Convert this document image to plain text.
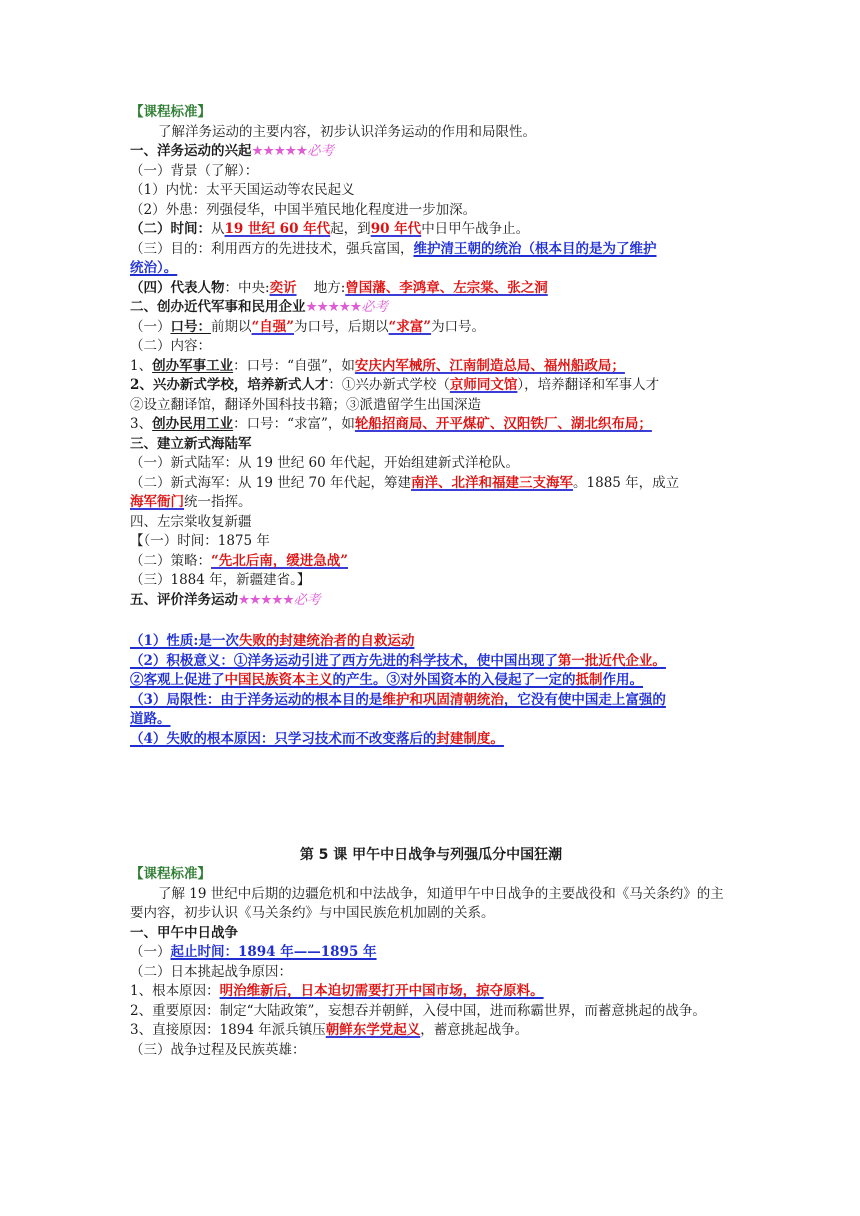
【课程标准】
了解洋务运动的主要内容，初步认识洋务运动的作用和局限性。
一、洋务运动的兴起★★★★★必考
（一）背景（了解）：
（1）内忧：太平天国运动等农民起义
（2）外患：列强侵华，中国半殖民地化程度进一步加深。
（二）时间：从19 世纪 60 年代起，到90 年代中日甲午战争止。
（三）目的：利用西方的先进技术，强兵富国，维护清王朝的统治（根本目的是为了维护
统治）。
（四）代表人物：中央:奕䜣    地方:曾国藩、李鸿章、左宗棠、张之洞
二、创办近代军事和民用企业★★★★★必考
（一）口号：前期以“自强”为口号，后期以“求富”为口号。
（二）内容：
1、创办军事工业：口号：“自强”，如安庆内军械所、江南制造总局、福州船政局；
2、兴办新式学校，培养新式人才：①兴办新式学校（京师同文馆），培养翻译和军事人才
②设立翻译馆，翻译外国科技书籍；③派遣留学生出国深造
3、创办民用工业：口号：“求富”，如轮船招商局、开平煤矿、汉阳铁厂、湖北织布局；
三、建立新式海陆军
（一）新式陆军：从 19 世纪 60 年代起，开始组建新式洋枪队。
（二）新式海军：从 19 世纪 70 年代起，筹建南洋、北洋和福建三支海军。1885 年，成立
海军衙门统一指挥。
四、左宗棠收复新疆
【（一）时间：1875 年
（二）策略：“先北后南，缓进急战”
（三）1884 年，新疆建省。】
五、评价洋务运动★★★★★必考
（1）性质:是一次失败的封建统治者的自救运动
（2）积极意义：①洋务运动引进了西方先进的科学技术，使中国出现了第一批近代企业。
②客观上促进了中国民族资本主义的产生。③对外国资本的入侵起了一定的抵制作用。
（3）局限性：由于洋务运动的根本目的是维护和巩固清朝统治，它没有使中国走上富强的
道路。
（4）失败的根本原因：只学习技术而不改变落后的封建制度。
第 5 课 甲午中日战争与列强瓜分中国狂潮
【课程标准】
了解 19 世纪中后期的边疆危机和中法战争，知道甲午中日战争的主要战役和《马关条约》的主要内容，初步认识《马关条约》与中国民族危机加剧的关系。
一、甲午中日战争
（一）起止时间：1894 年——1895 年
（二）日本挑起战争原因：
1、根本原因：明治维新后，日本迫切需要打开中国市场，掠夺原料。
2、重要原因：制定“大陆政策”，妄想吞并朝鲜，入侵中国，进而称霸世界，而蓄意挑起的战争。
3、直接原因：1894 年派兵镇压朝鲜东学党起义，蓄意挑起战争。
（三）战争过程及民族英雄：
